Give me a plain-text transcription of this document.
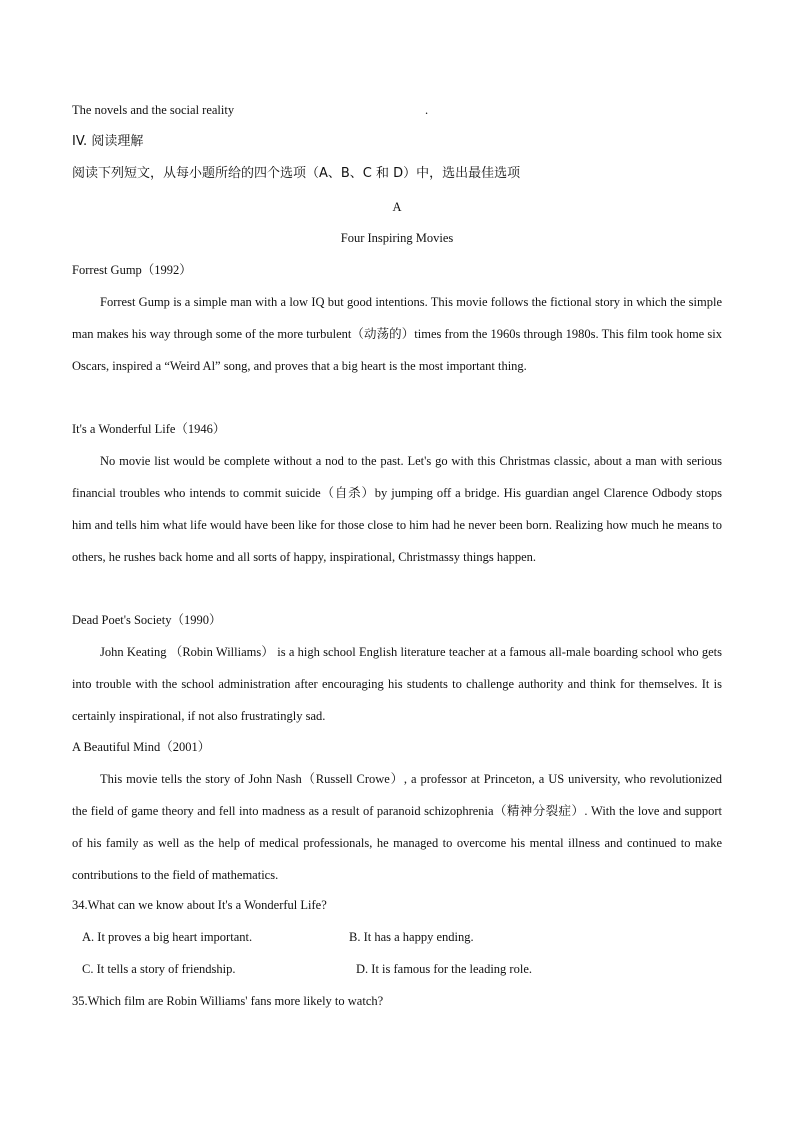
The novels and the social reality	.
IV. 阅读理解
阅读下列短文，从每小题所给的四个选项（A、B、C 和 D）中，选出最佳选项
A
Four Inspiring Movies
Forrest Gump（1992）
Forrest Gump is a simple man with a low IQ but good intentions. This movie follows the fictional story in which the simple man makes his way through some of the more turbulent（动荡的）times from the 1960s through 1980s. This film took home six Oscars, inspired a “Weird Al” song, and proves that a big heart is the most important thing.
It's a Wonderful Life（1946）
No movie list would be complete without a nod to the past. Let's go with this Christmas classic, about a man with serious financial troubles who intends to commit suicide（自杀）by jumping off a bridge. His guardian angel Clarence Odbody stops him and tells him what life would have been like for those close to him had he never been born. Realizing how much he means to others, he rushes back home and all sorts of happy, inspirational, Christmassy things happen.
Dead Poet's Society（1990）
John Keating （Robin Williams） is a high school English literature teacher at a famous all-male boarding school who gets into trouble with the school administration after encouraging his students to challenge authority and think for themselves. It is certainly inspirational, if not also frustratingly sad.
A Beautiful Mind（2001）
This movie tells the story of John Nash（Russell Crowe）, a professor at Princeton, a US university, who revolutionized the field of game theory and fell into madness as a result of paranoid schizophrenia（精神分裂症）. With the love and support of his family as well as the help of medical professionals, he managed to overcome his mental illness and continued to make contributions to the field of mathematics.
34.What can we know about It's a Wonderful Life?
A. It proves a big heart important.	B. It has a happy ending.
C. It tells a story of friendship.	D. It is famous for the leading role.
35.Which film are Robin Williams' fans more likely to watch?
